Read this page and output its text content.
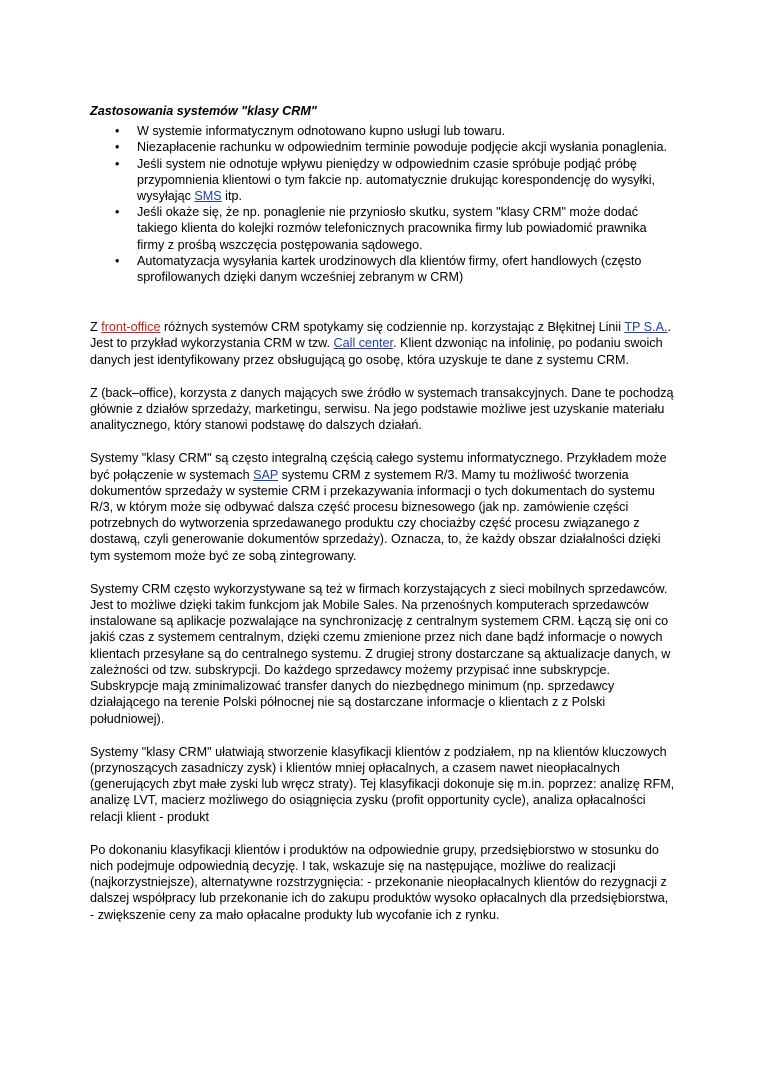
Zastosowania systemów "klasy CRM"
• W systemie informatycznym odnotowano kupno usługi lub towaru.
• Niezapłacenie rachunku w odpowiednim terminie powoduje podjęcie akcji wysłania ponaglenia.
• Jeśli system nie odnotuje wpływu pieniędzy w odpowiednim czasie spróbuje podjąć próbę przypomnienia klientowi o tym fakcie np. automatycznie drukując korespondencję do wysyłki, wysyłając SMS itp.
• Jeśli okaże się, że np. ponaglenie nie przyniosło skutku, system "klasy CRM" może dodać takiego klienta do kolejki rozmów telefonicznych pracownika firmy lub powiadomić prawnika firmy z prośbą wszczęcia postępowania sądowego.
• Automatyzacja wysyłania kartek urodzinowych dla klientów firmy, ofert handlowych (często sprofilowanych dzięki danym wcześniej zebranym w CRM)

Z front-office różnych systemów CRM spotykamy się codziennie np. korzystając z Błękitnej Linii TP S.A.. Jest to przykład wykorzystania CRM w tzw. Call center. Klient dzwoniąc na infolinię, po podaniu swoich danych jest identyfikowany przez obsługującą go osobę, która uzyskuje te dane z systemu CRM.

Z (back–office), korzysta z danych mających swe źródło w systemach transakcyjnych. Dane te pochodzą głównie z działów sprzedaży, marketingu, serwisu. Na jego podstawie możliwe jest uzyskanie materiału analitycznego, który stanowi podstawę do dalszych działań.

Systemy "klasy CRM" są często integralną częścią całego systemu informatycznego. Przykładem może być połączenie w systemach SAP systemu CRM z systemem R/3. Mamy tu możliwość tworzenia dokumentów sprzedaży w systemie CRM i przekazywania informacji o tych dokumentach do systemu R/3, w którym może się odbywać dalsza część procesu biznesowego (jak np. zamówienie części potrzebnych do wytworzenia sprzedawanego produktu czy chociażby część procesu związanego z dostawą, czyli generowanie dokumentów sprzedaży). Oznacza, to, że każdy obszar działalności dzięki tym systemom może być ze sobą zintegrowany.

Systemy CRM często wykorzystywane są też w firmach korzystających z sieci mobilnych sprzedawców. Jest to możliwe dzięki takim funkcjom jak Mobile Sales. Na przenośnych komputerach sprzedawców instalowane są aplikacje pozwalające na synchronizację z centralnym systemem CRM. Łączą się oni co jakiś czas z systemem centralnym, dzięki czemu zmienione przez nich dane bądź informacje o nowych klientach przesyłane są do centralnego systemu. Z drugiej strony dostarczane są aktualizacje danych, w zależności od tzw. subskrypcji. Do każdego sprzedawcy możemy przypisać inne subskrypcje. Subskrypcje mają zminimalizować transfer danych do niezbędnego minimum (np. sprzedawcy działającego na terenie Polski północnej nie są dostarczane informacje o klientach z z Polski południowej).

Systemy "klasy CRM" ułatwiają stworzenie klasyfikacji klientów z podziałem, np na klientów kluczowych (przynoszących zasadniczy zysk) i klientów mniej opłacalnych, a czasem nawet nieopłacalnych (generujących zbyt małe zyski lub wręcz straty). Tej klasyfikacji dokonuje się m.in. poprzez: analizę RFM, analizę LVT, macierz możliwego do osiągnięcia zysku (profit opportunity cycle), analiza opłacalności relacji klient - produkt

Po dokonaniu klasyfikacji klientów i produktów na odpowiednie grupy, przedsiębiorstwo w stosunku do nich podejmuje odpowiednią decyzję. I tak, wskazuje się na następujące, możliwe do realizacji (najkorzystniejsze), alternatywne rozstrzygnięcia: - przekonanie nieopłacalnych klientów do rezygnacji z dalszej współpracy lub przekonanie ich do zakupu produktów wysoko opłacalnych dla przedsiębiorstwa, - zwiększenie ceny za mało opłacalne produkty lub wycofanie ich z rynku.
